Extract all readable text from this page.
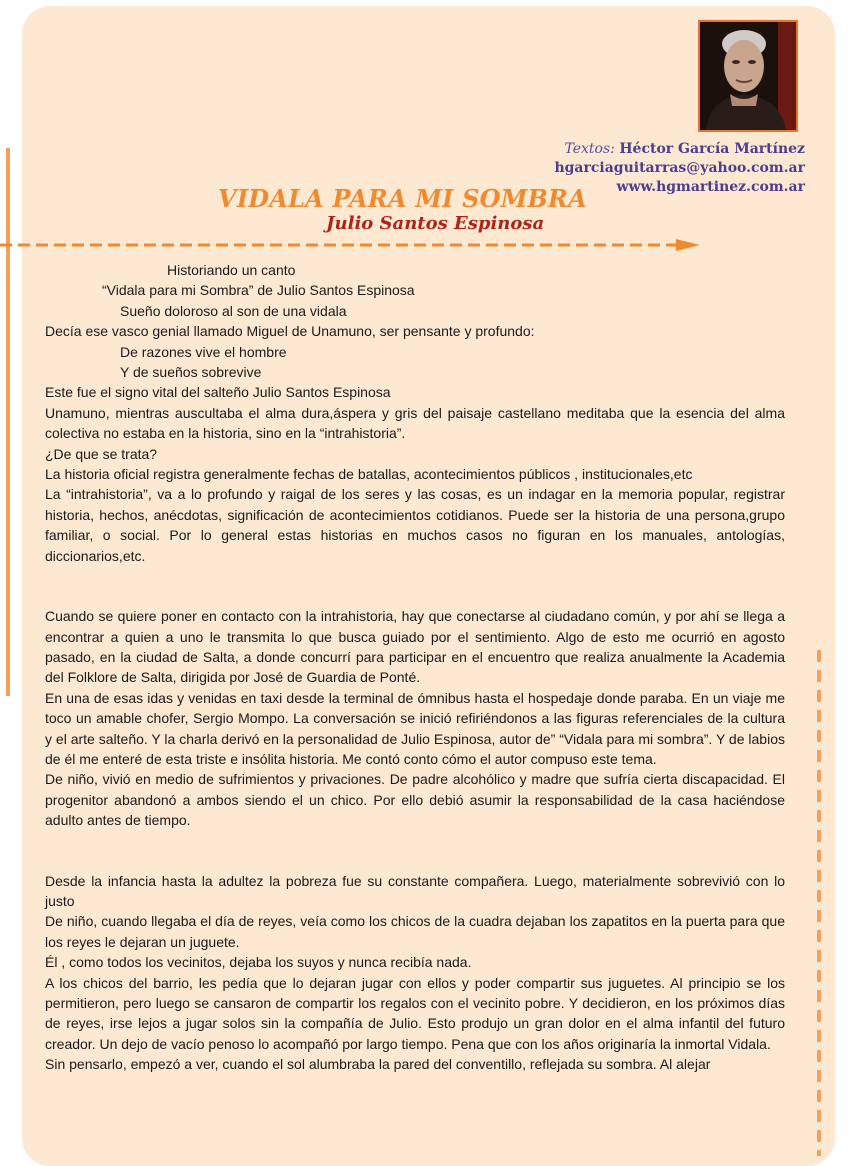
Textos: Héctor García Martínez
hgarciaguitarras@yahoo.com.ar
www.hgmartinez.com.ar
VIDALA PARA MI SOMBRA
Julio Santos Espinosa

Historiando un canto

“Vidala para mi Sombra” de Julio Santos Espinosa

Sueño doloroso al son de una vidala

Decía ese vasco genial llamado Miguel de Unamuno, ser pensante y profundo:

De razones vive el hombre

Y de sueños sobrevive

Este fue el signo vital del salteño Julio Santos Espinosa

Unamuno, mientras auscultaba el alma dura,áspera y gris del paisaje castellano meditaba que la esencia del alma colectiva no estaba en la historia, sino en la “intrahistoria”.

¿De que se trata?

La historia oficial registra generalmente fechas de batallas, acontecimientos públicos , institucionales,etc

La “intrahistoria”, va a lo profundo y raigal de los seres y las cosas, es un indagar en la memoria popular, registrar historia, hechos, anécdotas, significación de acontecimientos cotidianos. Puede ser la historia de una persona,grupo familiar, o social. Por lo general estas historias en muchos casos no figuran en los manuales, antologías, diccionarios,etc.

Cuando se quiere poner en contacto con la intrahistoria, hay que conectarse al ciudadano común, y por ahí se llega a encontrar a quien a uno le transmita lo que busca guiado por el sentimiento. Algo de esto me ocurrió en agosto pasado, en la ciudad de Salta, a donde concurrí para participar en el encuentro que realiza anualmente la Academia del Folklore de Salta, dirigida por José de Guardia de Ponté.

En una de esas idas y venidas en taxi desde la terminal de ómnibus hasta el hospedaje donde paraba. En un viaje me toco un amable chofer, Sergio Mompo. La conversación se inició refiriéndonos a las figuras referenciales de la cultura y el arte salteño. Y la charla derivó en la personalidad de Julio Espinosa, autor de” “Vidala para mi sombra”. Y de labios de él me enteré de esta triste e insólita historia. Me contó conto cómo el autor compuso este tema.

De niño, vivió en medio de sufrimientos y privaciones. De padre alcohólico y madre que sufría cierta discapacidad. El progenitor abandonó a ambos siendo el un chico. Por ello debió asumir la responsabilidad de la casa haciéndose adulto antes de tiempo.

Desde la infancia hasta la adultez la pobreza fue su constante compañera. Luego, materialmente sobrevivió con lo justo

De niño, cuando llegaba el día de reyes, veía como los chicos de la cuadra dejaban los zapatitos en la puerta para que los reyes le dejaran un juguete.

Él , como todos los vecinitos, dejaba los suyos y nunca recibía nada.

A los chicos del barrio, les pedía que lo dejaran jugar con ellos y poder compartir sus juguetes. Al principio se los permitieron, pero luego se cansaron de compartir los regalos con el vecinito pobre. Y decidieron, en los próximos días de reyes, irse lejos a jugar solos sin la compañía de Julio. Esto produjo un gran dolor en el alma infantil del futuro creador. Un dejo de vacío penoso lo acompañó por largo tiempo. Pena que con los años originaría la inmortal Vidala.

Sin pensarlo, empezó a ver, cuando el sol alumbraba la pared del conventillo, reflejada su sombra. Al alejar
